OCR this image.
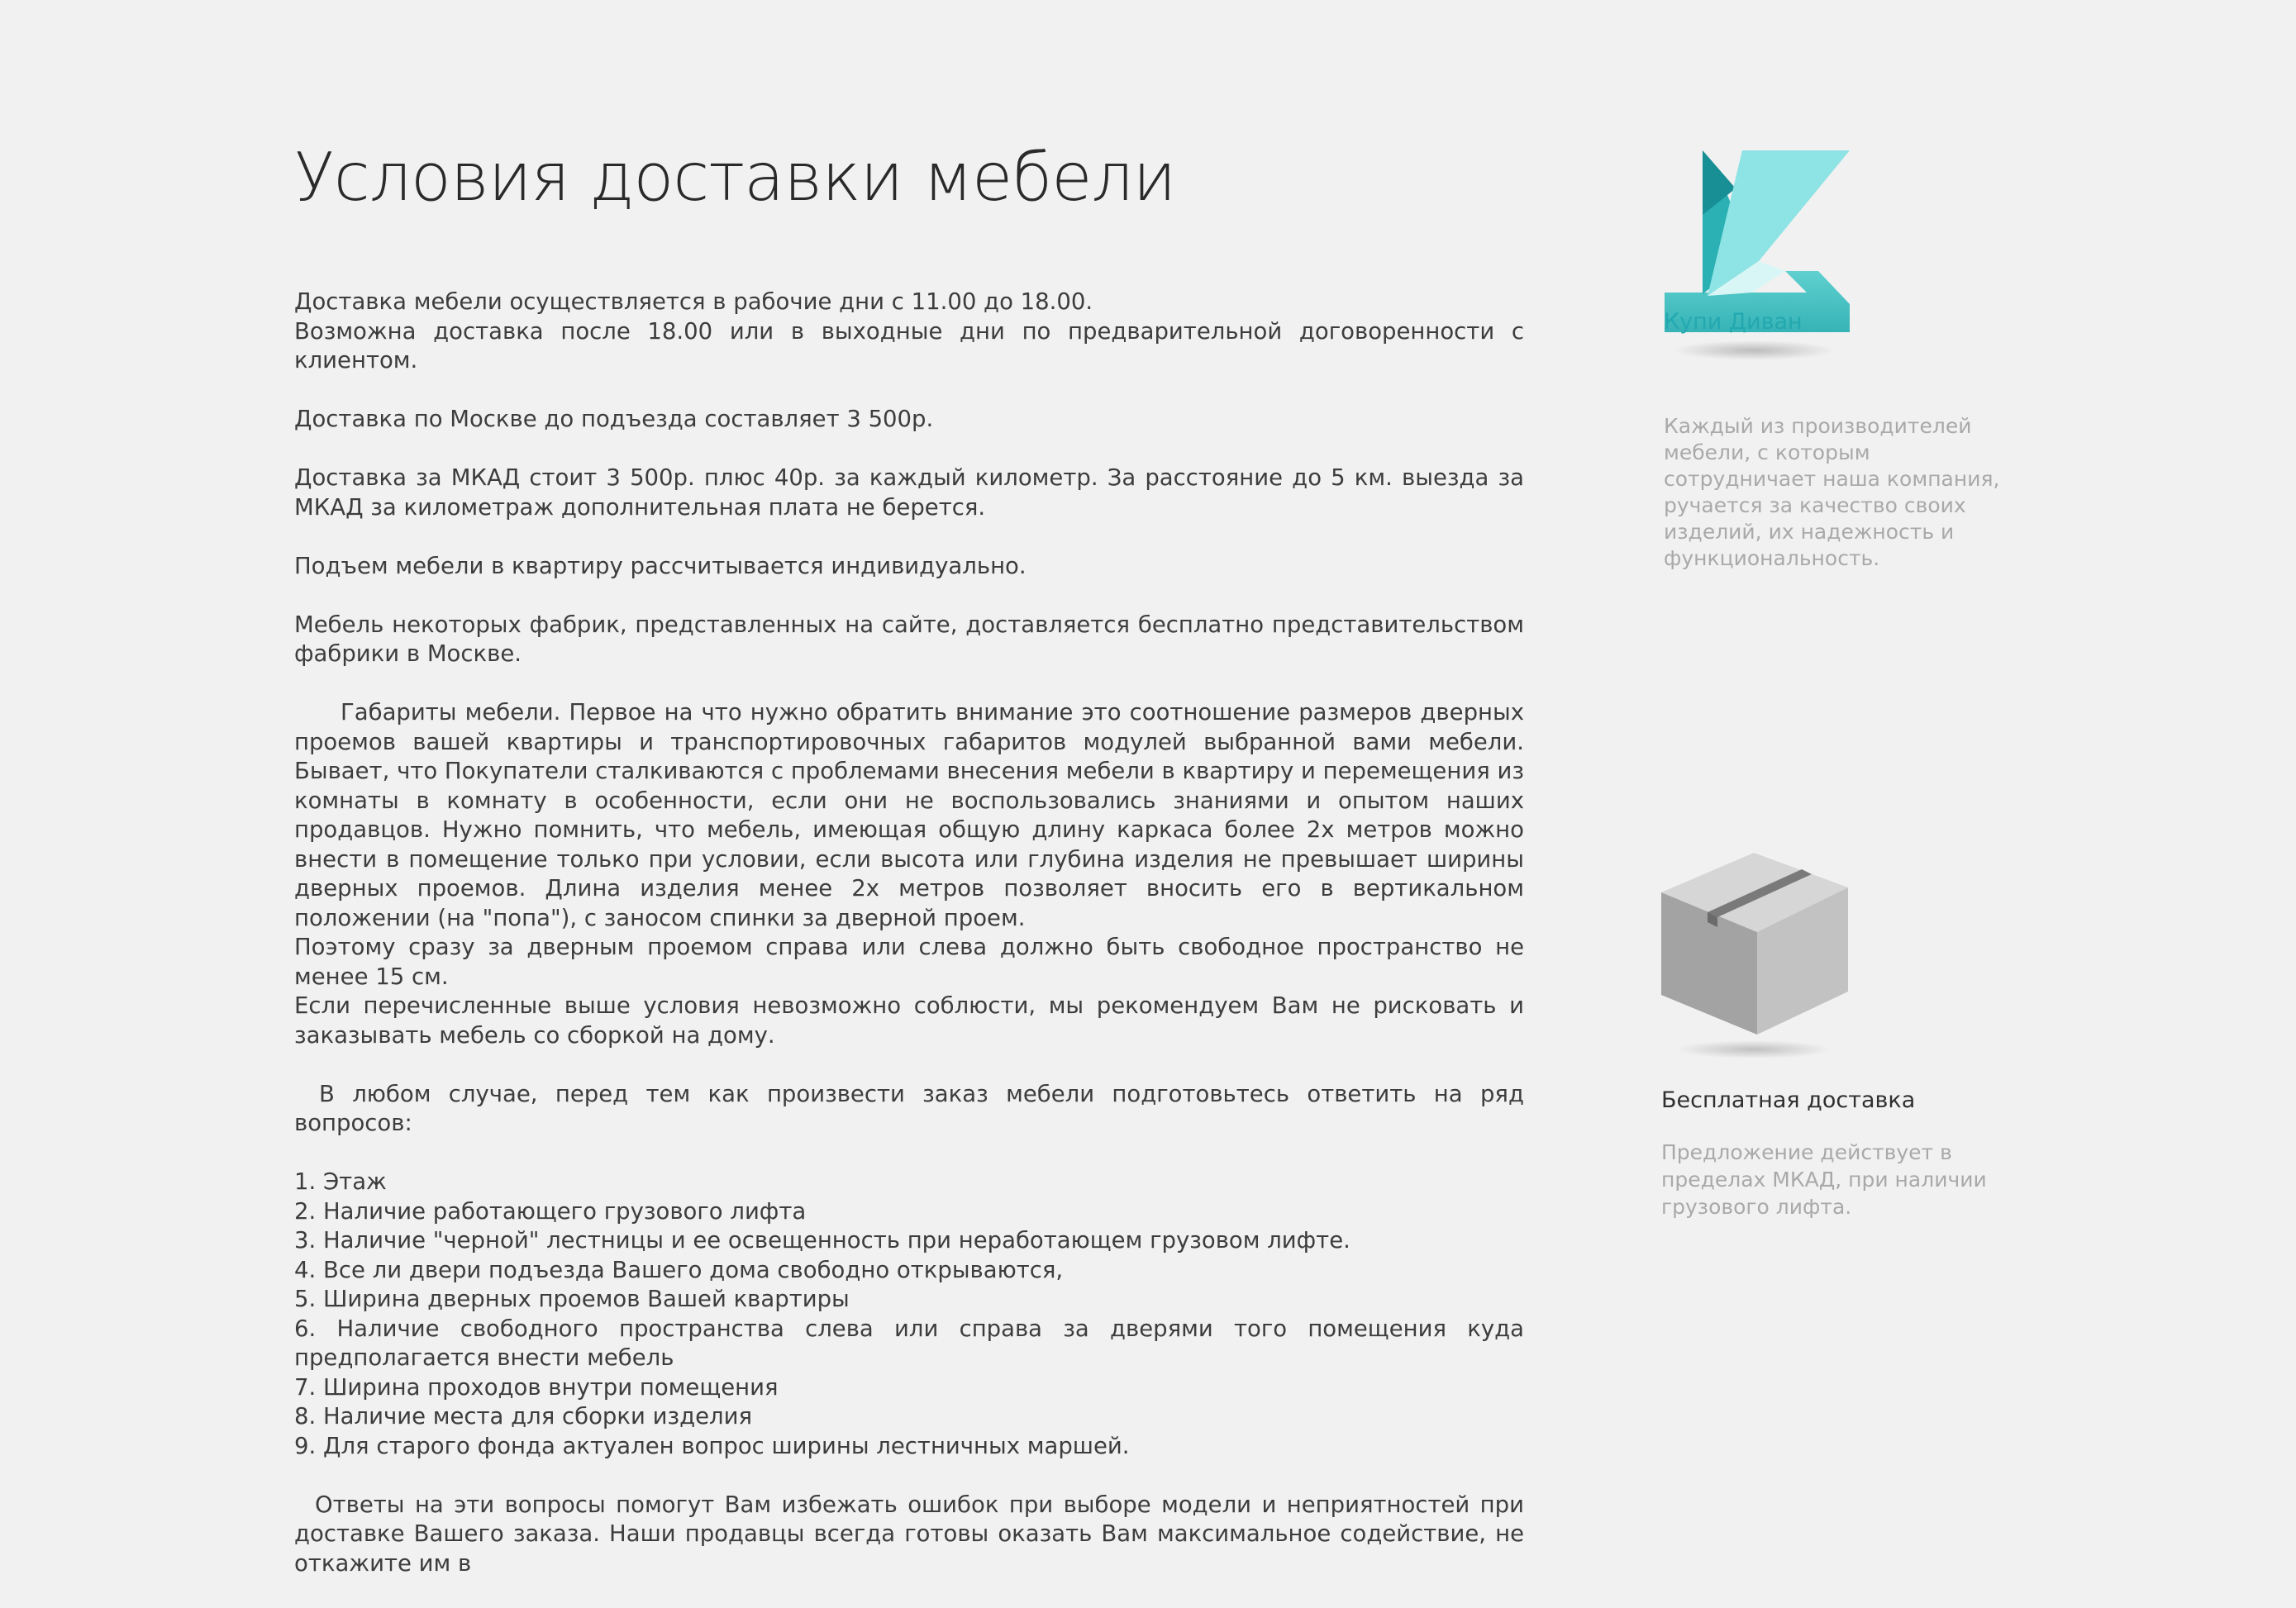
Условия доставки мебели

Доставка мебели осуществляется в рабочие дни с 11.00 до 18.00.
Возможна доставка после 18.00 или в выходные дни по предварительной договоренности с клиентом.

Доставка по Москве до подъезда составляет 3 500р.

Доставка за МКАД стоит 3 500р. плюс 40р. за каждый километр. За расстояние до 5 км. выезда за МКАД за километраж дополнительная плата не берется.

Подъем мебели в квартиру рассчитывается индивидуально.

Мебель некоторых фабрик, представленных на сайте, доставляется бесплатно представительством фабрики в Москве.

Габариты мебели. Первое на что нужно обратить внимание это соотношение размеров дверных проемов вашей квартиры и транспортировочных габаритов модулей выбранной вами мебели. Бывает, что Покупатели сталкиваются с проблемами внесения мебели в квартиру и перемещения из комнаты в комнату в особенности, если они не воспользовались знаниями и опытом наших продавцов. Нужно помнить, что мебель, имеющая общую длину каркаса более 2х метров можно внести в помещение только при условии, если высота или глубина изделия не превышает ширины дверных проемов. Длина изделия менее 2х метров позволяет вносить его в вертикальном положении (на "попа"), с заносом спинки за дверной проем.
Поэтому сразу за дверным проемом справа или слева должно быть свободное пространство не менее 15 см.
Если перечисленные выше условия невозможно соблюсти, мы рекомендуем Вам не рисковать и заказывать мебель со сборкой на дому.

В любом случае, перед тем как произвести заказ мебели подготовьтесь ответить на ряд вопросов:

1. Этаж
2. Наличие работающего грузового лифта
3. Наличие "черной" лестницы и ее освещенность при неработающем грузовом лифте.
4. Все ли двери подъезда Вашего дома свободно открываются,
5. Ширина дверных проемов Вашей квартиры
6. Наличие свободного пространства слева или справа за дверями того помещения куда предполагается внести мебель
7. Ширина проходов внутри помещения
8. Наличие места для сборки изделия
9. Для старого фонда актуален вопрос ширины лестничных маршей.

Ответы на эти вопросы помогут Вам избежать ошибок при выборе модели и неприятностей при доставке Вашего заказа. Наши продавцы всегда готовы оказать Вам максимальное содействие, не откажите им в

Купи Диван
Каждый из производителей мебели, с которым сотрудничает наша компания, ручается за качество своих изделий, их надежность и функциональность.
Бесплатная доставка
Предложение действует в пределах МКАД, при наличии грузового лифта.
